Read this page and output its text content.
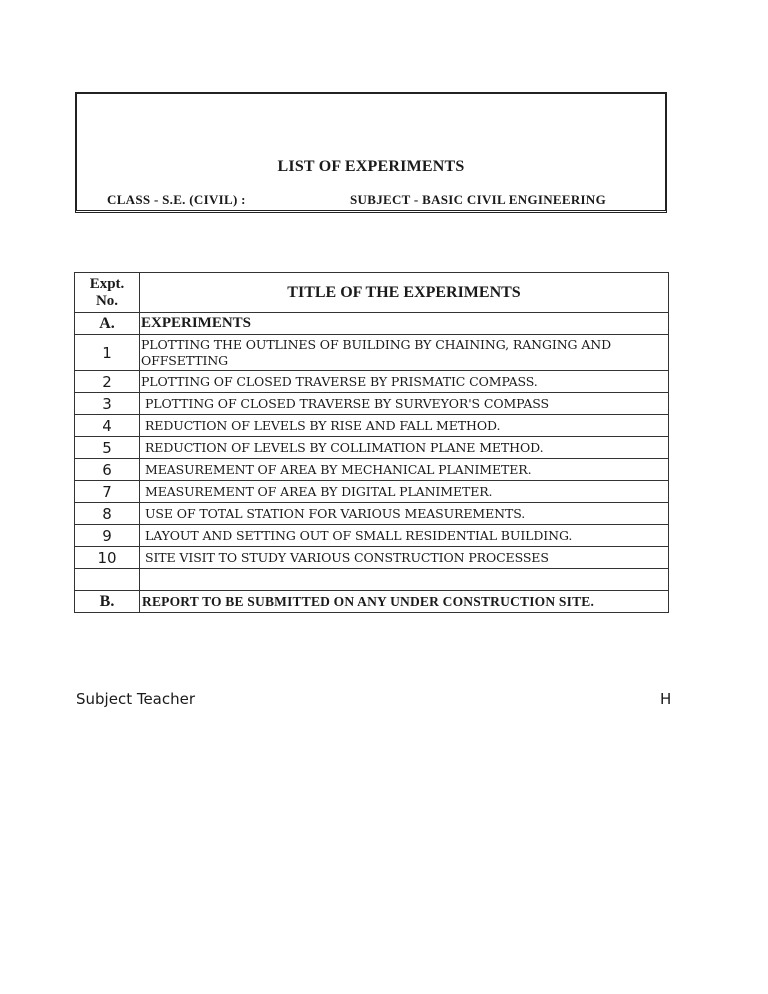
LIST OF EXPERIMENTS
CLASS - S.E. (CIVIL) :	SUBJECT - BASIC CIVIL ENGINEERING
Expt.
No.	TITLE OF THE EXPERIMENTS
A.	EXPERIMENTS
1	PLOTTING THE OUTLINES OF BUILDING BY CHAINING, RANGING AND OFFSETTING
2	PLOTTING OF CLOSED TRAVERSE BY PRISMATIC COMPASS.
3	PLOTTING OF CLOSED TRAVERSE BY SURVEYOR'S COMPASS
4	REDUCTION OF LEVELS BY RISE AND FALL METHOD.
5	REDUCTION OF LEVELS BY COLLIMATION PLANE METHOD.
6	MEASUREMENT OF AREA BY MECHANICAL PLANIMETER.
7	MEASUREMENT OF AREA BY DIGITAL PLANIMETER.
8	USE OF TOTAL STATION FOR VARIOUS MEASUREMENTS.
9	LAYOUT AND SETTING OUT OF SMALL RESIDENTIAL BUILDING.
10	SITE VISIT TO STUDY VARIOUS CONSTRUCTION PROCESSES

B.	REPORT TO BE SUBMITTED ON ANY UNDER CONSTRUCTION SITE.
Subject Teacher	H
